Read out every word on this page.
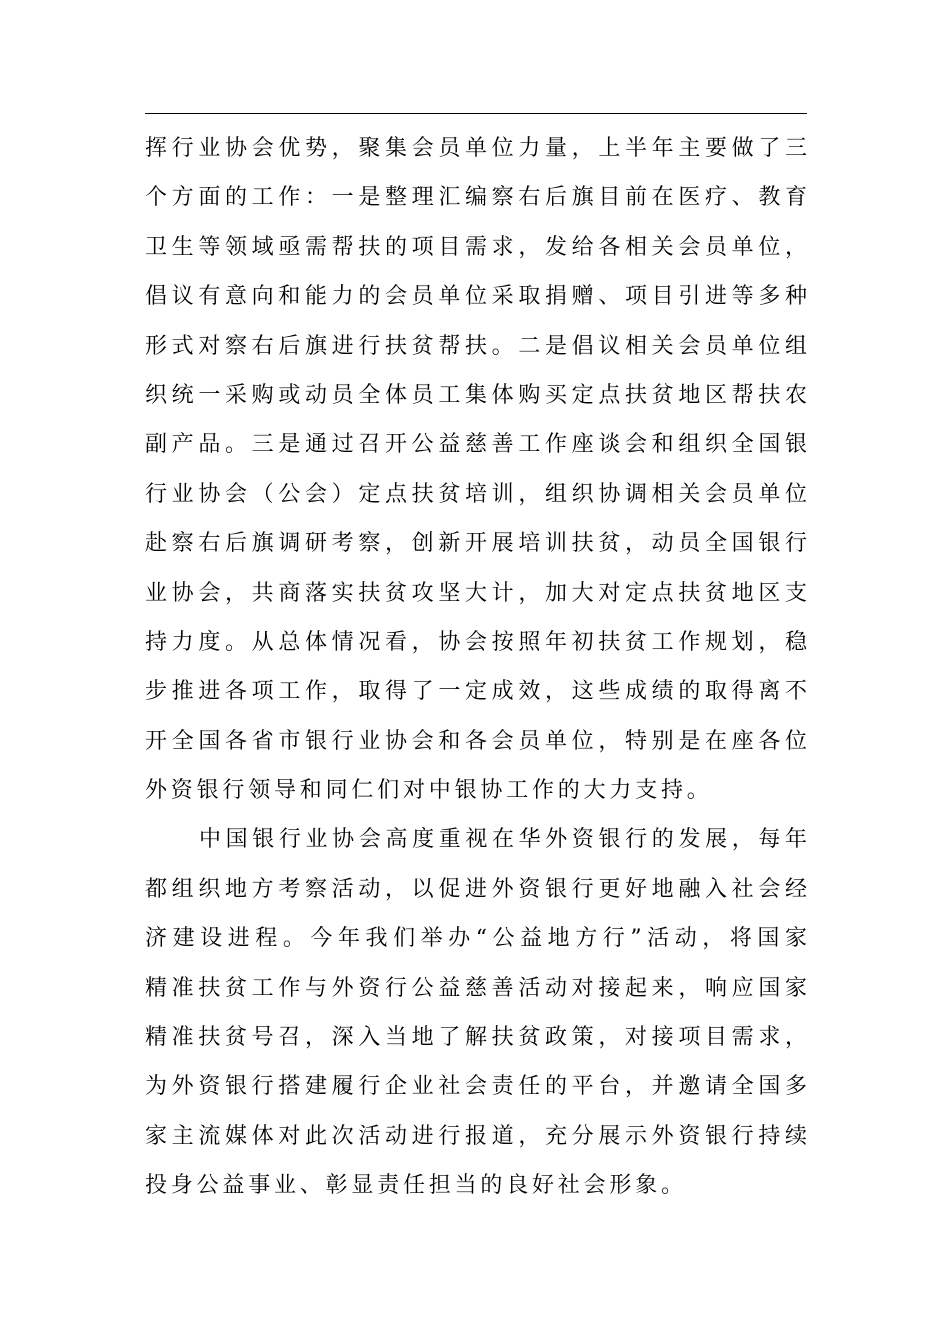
挥行业协会优势，聚集会员单位力量，上半年主要做了三
个方面的工作：一是整理汇编察右后旗目前在医疗、教育
卫生等领域亟需帮扶的项目需求，发给各相关会员单位，
倡议有意向和能力的会员单位采取捐赠、项目引进等多种
形式对察右后旗进行扶贫帮扶。二是倡议相关会员单位组
织统一采购或动员全体员工集体购买定点扶贫地区帮扶农
副产品。三是通过召开公益慈善工作座谈会和组织全国银
行业协会（公会）定点扶贫培训，组织协调相关会员单位
赴察右后旗调研考察，创新开展培训扶贫，动员全国银行
业协会，共商落实扶贫攻坚大计，加大对定点扶贫地区支
持力度。从总体情况看，协会按照年初扶贫工作规划，稳
步推进各项工作，取得了一定成效，这些成绩的取得离不
开全国各省市银行业协会和各会员单位，特别是在座各位
外资银行领导和同仁们对中银协工作的大力支持。
中国银行业协会高度重视在华外资银行的发展，每年
都组织地方考察活动，以促进外资银行更好地融入社会经
济建设进程。今年我们举办“公益地方行”活动，将国家
精准扶贫工作与外资行公益慈善活动对接起来，响应国家
精准扶贫号召，深入当地了解扶贫政策，对接项目需求，
为外资银行搭建履行企业社会责任的平台，并邀请全国多
家主流媒体对此次活动进行报道，充分展示外资银行持续
投身公益事业、彰显责任担当的良好社会形象。
